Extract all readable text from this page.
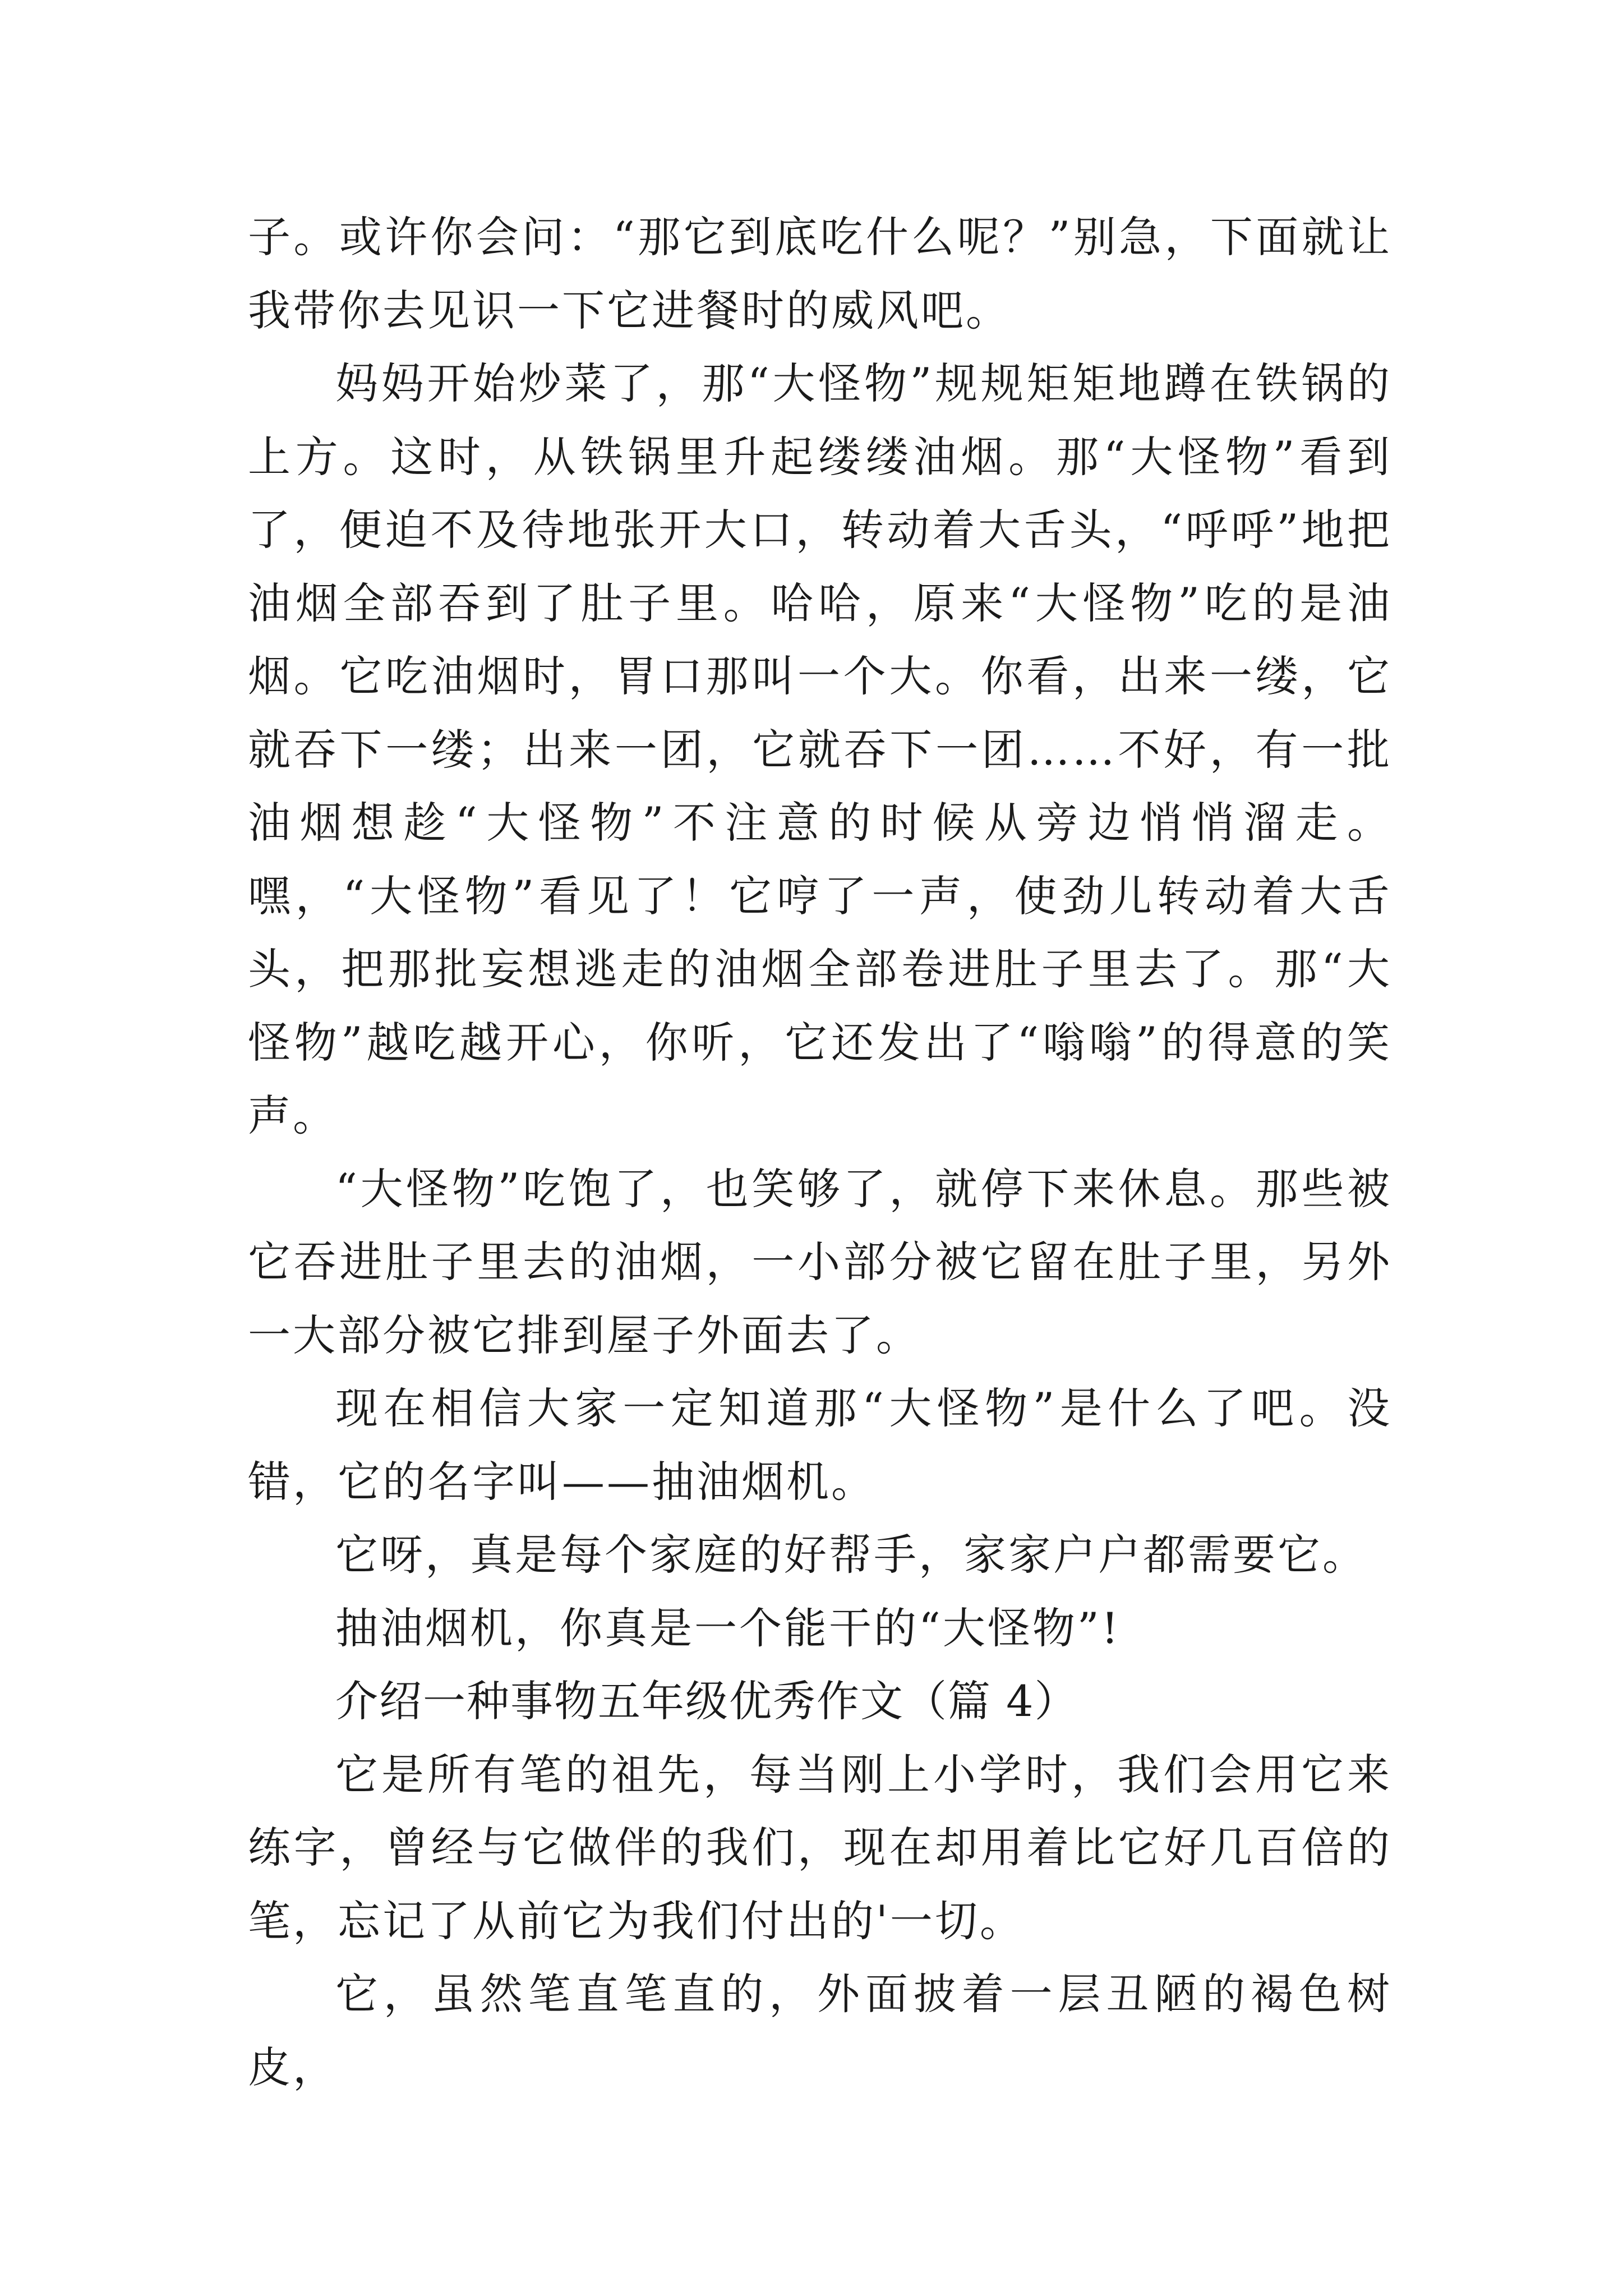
子。或许你会问：“那它到底吃什么呢？”别急，下面就让我带你去见识一下它进餐时的威风吧。

妈妈开始炒菜了，那“大怪物”规规矩矩地蹲在铁锅的上方。这时，从铁锅里升起缕缕油烟。那“大怪物”看到了，便迫不及待地张开大口，转动着大舌头，“呼呼”地把油烟全部吞到了肚子里。哈哈，原来“大怪物”吃的是油烟。它吃油烟时，胃口那叫一个大。你看，出来一缕，它就吞下一缕；出来一团，它就吞下一团……不好，有一批油烟想趁“大怪物”不注意的时候从旁边悄悄溜走。嘿，“大怪物”看见了！它哼了一声，使劲儿转动着大舌头，把那批妄想逃走的油烟全部卷进肚子里去了。那“大怪物”越吃越开心，你听，它还发出了“嗡嗡”的得意的笑声。

“大怪物”吃饱了，也笑够了，就停下来休息。那些被它吞进肚子里去的油烟，一小部分被它留在肚子里，另外一大部分被它排到屋子外面去了。

现在相信大家一定知道那“大怪物”是什么了吧。没错，它的名字叫——抽油烟机。

它呀，真是每个家庭的好帮手，家家户户都需要它。

抽油烟机，你真是一个能干的“大怪物”!

介绍一种事物五年级优秀作文（篇 4）

它是所有笔的祖先，每当刚上小学时，我们会用它来练字，曾经与它做伴的我们，现在却用着比它好几百倍的笔，忘记了从前它为我们付出的'一切。

它，虽然笔直笔直的，外面披着一层丑陋的褐色树皮，
